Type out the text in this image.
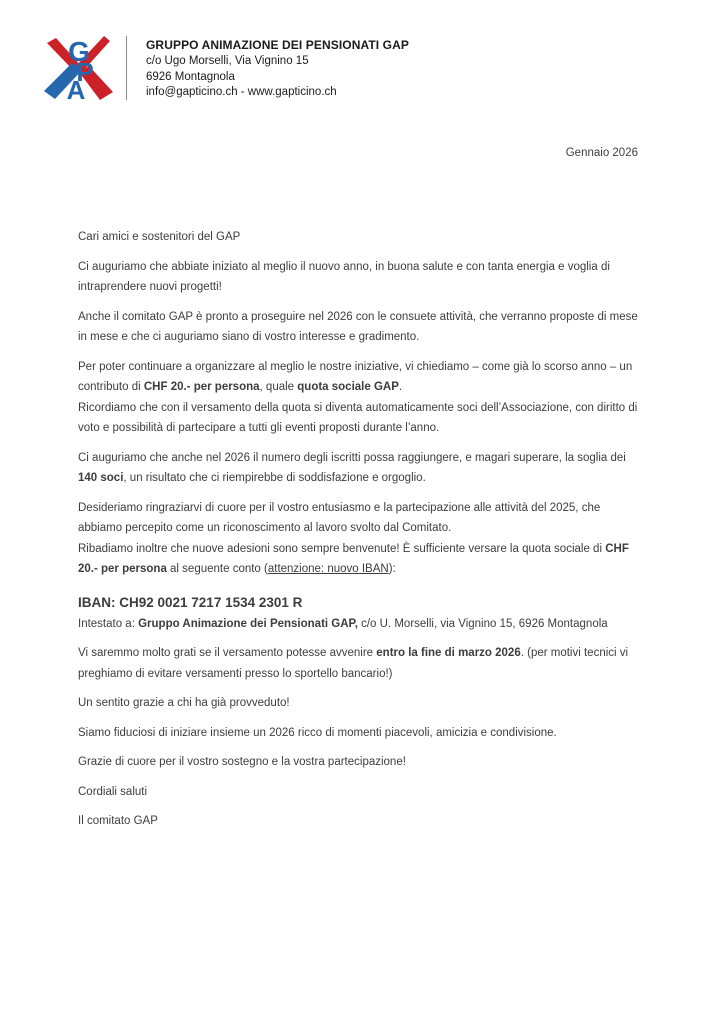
G
P
A
GRUPPO ANIMAZIONE DEI PENSIONATI GAP
c/o Ugo Morselli, Via Vignino 15
6926 Montagnola
info@gapticino.ch - www.gapticino.ch
Gennaio 2026

Cari amici e sostenitori del GAP

Ci auguriamo che abbiate iniziato al meglio il nuovo anno, in buona salute e con tanta energia e voglia di intraprendere nuovi progetti!

Anche il comitato GAP è pronto a proseguire nel 2026 con le consuete attività, che verranno proposte di mese in mese e che ci auguriamo siano di vostro interesse e gradimento.

Per poter continuare a organizzare al meglio le nostre iniziative, vi chiediamo – come già lo scorso anno – un contributo di CHF 20.- per persona, quale quota sociale GAP.

Ricordiamo che con il versamento della quota si diventa automaticamente soci dell’Associazione, con diritto di voto e possibilità di partecipare a tutti gli eventi proposti durante l’anno.

Ci auguriamo che anche nel 2026 il numero degli iscritti possa raggiungere, e magari superare, la soglia dei 140 soci, un risultato che ci riempirebbe di soddisfazione e orgoglio.

Desideriamo ringraziarvi di cuore per il vostro entusiasmo e la partecipazione alle attività del 2025, che abbiamo percepito come un riconoscimento al lavoro svolto dal Comitato.

Ribadiamo inoltre che nuove adesioni sono sempre benvenute! È sufficiente versare la quota sociale di CHF 20.- per persona al seguente conto (attenzione: nuovo IBAN):

IBAN: CH92 0021 7217 1534 2301 R

Intestato a: Gruppo Animazione dei Pensionati GAP, c/o U. Morselli, via Vignino 15, 6926 Montagnola

Vi saremmo molto grati se il versamento potesse avvenire entro la fine di marzo 2026. (per motivi tecnici vi preghiamo di evitare versamenti presso lo sportello bancario!)

Un sentito grazie a chi ha già provveduto!

Siamo fiduciosi di iniziare insieme un 2026 ricco di momenti piacevoli, amicizia e condivisione.

Grazie di cuore per il vostro sostegno e la vostra partecipazione!

Cordiali saluti

Il comitato GAP
